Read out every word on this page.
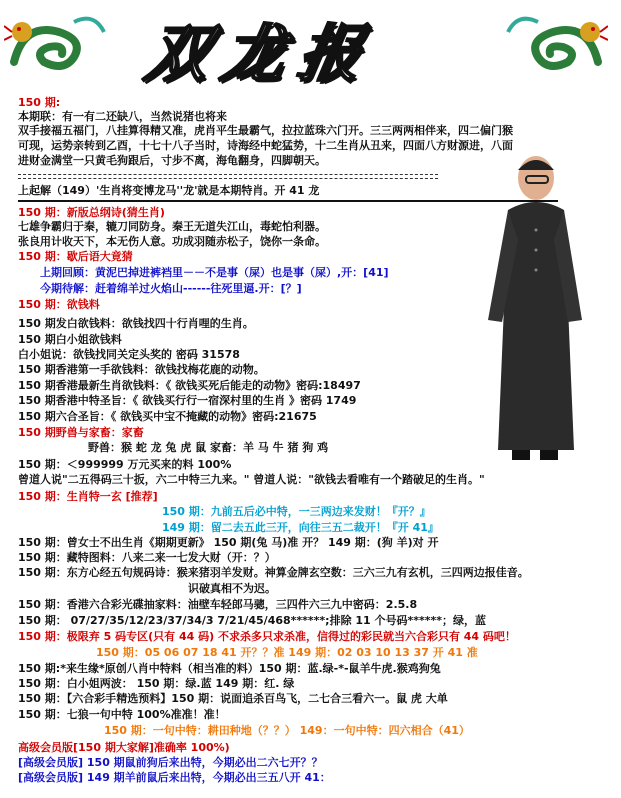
双龙报
150 期:
本期联：有一有二还缺八，当然说猪也将来
双手接福五福门，八挂算得精又准，虎肖平生最霸气，拉拉蓝珠六门开。三三两两相伴来，四二偏门猴
可现，运势亲转到乙酉，十七十八子当时，诗海经中蛇猛势，十二生肖从丑来，四面八方财源进，八面
进财金满堂一只黄毛狗跟后，寸步不离，海龟翻身，四脚朝天。
上起解（149）'生肖将变博龙马''龙'就是本期特肖。开 41 龙
150 期：新版总纲诗(猜生肖)
七雄争霸归于秦，辘刀同防身。秦王无道失江山，毒蛇怕利器。
张良用计收天下，本无伤人意。功成羽随赤松子，饶你一条命。
150 期：歇后语大竟猜
上期回顾：黄泥巴掉进裤裆里－－不是事（屎）也是事（屎）,开：[41]
今期待解：赶着绵羊过火焰山------往死里逼.开：[？]
150 期：欲钱料
150 期发白欲钱料：欲钱找四十行肖哩的生肖。
150 期白小姐欲钱料
白小姐说：欲钱找同关定头奖的 密码 31578
150 期香港第一手欲钱料：欲钱找梅花鹿的动物。
150 期香港最新生肖欲钱料：《 欲钱买死后能走的动物》密码:18497
150 期香港中特圣旨：《 欲钱买行行一宿深村里的生肖 》密码 1749
150 期六合圣旨：《 欲钱买中宝不掩藏的动物》密码:21675
150 期野兽与家畜：家畜
野兽：猴 蛇 龙 兔 虎 鼠 家畜：羊 马 牛 猪 狗 鸡
150 期：＜999999 万元买来的料 100%
曾道人说"二五得码三十扳，六二中特三九来。" 曾道人说："欲钱去看唯有一个踏破足的生肖。"
150 期：生肖特一玄 [推荐]
150 期：九前五后必中特，一三两边来发财！『开？』
149 期：留二去五此三开，向往三五二裁开！『开 41』
150 期：曾女士不出生肖《期期更新》 150 期(兔 马)准 开？ 149 期：(狗 羊)对 开
150 期：藏特图料：八来二来一七发大财（开：？）
150 期：东方心经五句规码诗：猴来猪羽羊发财。神算金牌玄空数：三六三九有玄机，三四两边报佳音。
识破真相不为迟。
150 期：香港六合彩光碟抽家料：油壁车轻郎马骢，三四件六三九中密码：2.5.8
150 期： 07/27/35/12/23/37/34/3 7/21/45/468******;排除 11 个号码******；绿，蓝
150 期：极限弃 5 码专区(只有 44 码) 不求杀多只求杀准，信得过的彩民就当六合彩只有 44 码吧！
150 期：05 06 07 18 41 开？？准 149 期：02 03 10 13 37 开 41 准
150 期:*来生缘*原创八肖中特料（相当准的料）150 期：蓝.绿-*-鼠羊牛虎.猴鸡狗兔
150 期：白小姐两波： 150 期：绿.蓝 149 期：红. 绿
150 期：【六合彩手精选预料】150 期：说面追杀百鸟飞，二七合三看六一。鼠 虎 大单
150 期：七狼一句中特 100%准准！准！
150 期：一句中特：耕田种地（？？） 149：一句中特：四六相合（41）
高级会员版[150 期大家解]准确率 100%)
[高级会员版] 150 期鼠前狗后来出特，今期必出二六七开？？
[高级会员版] 149 期羊前鼠后来出特，今期必出三五八开 41：
